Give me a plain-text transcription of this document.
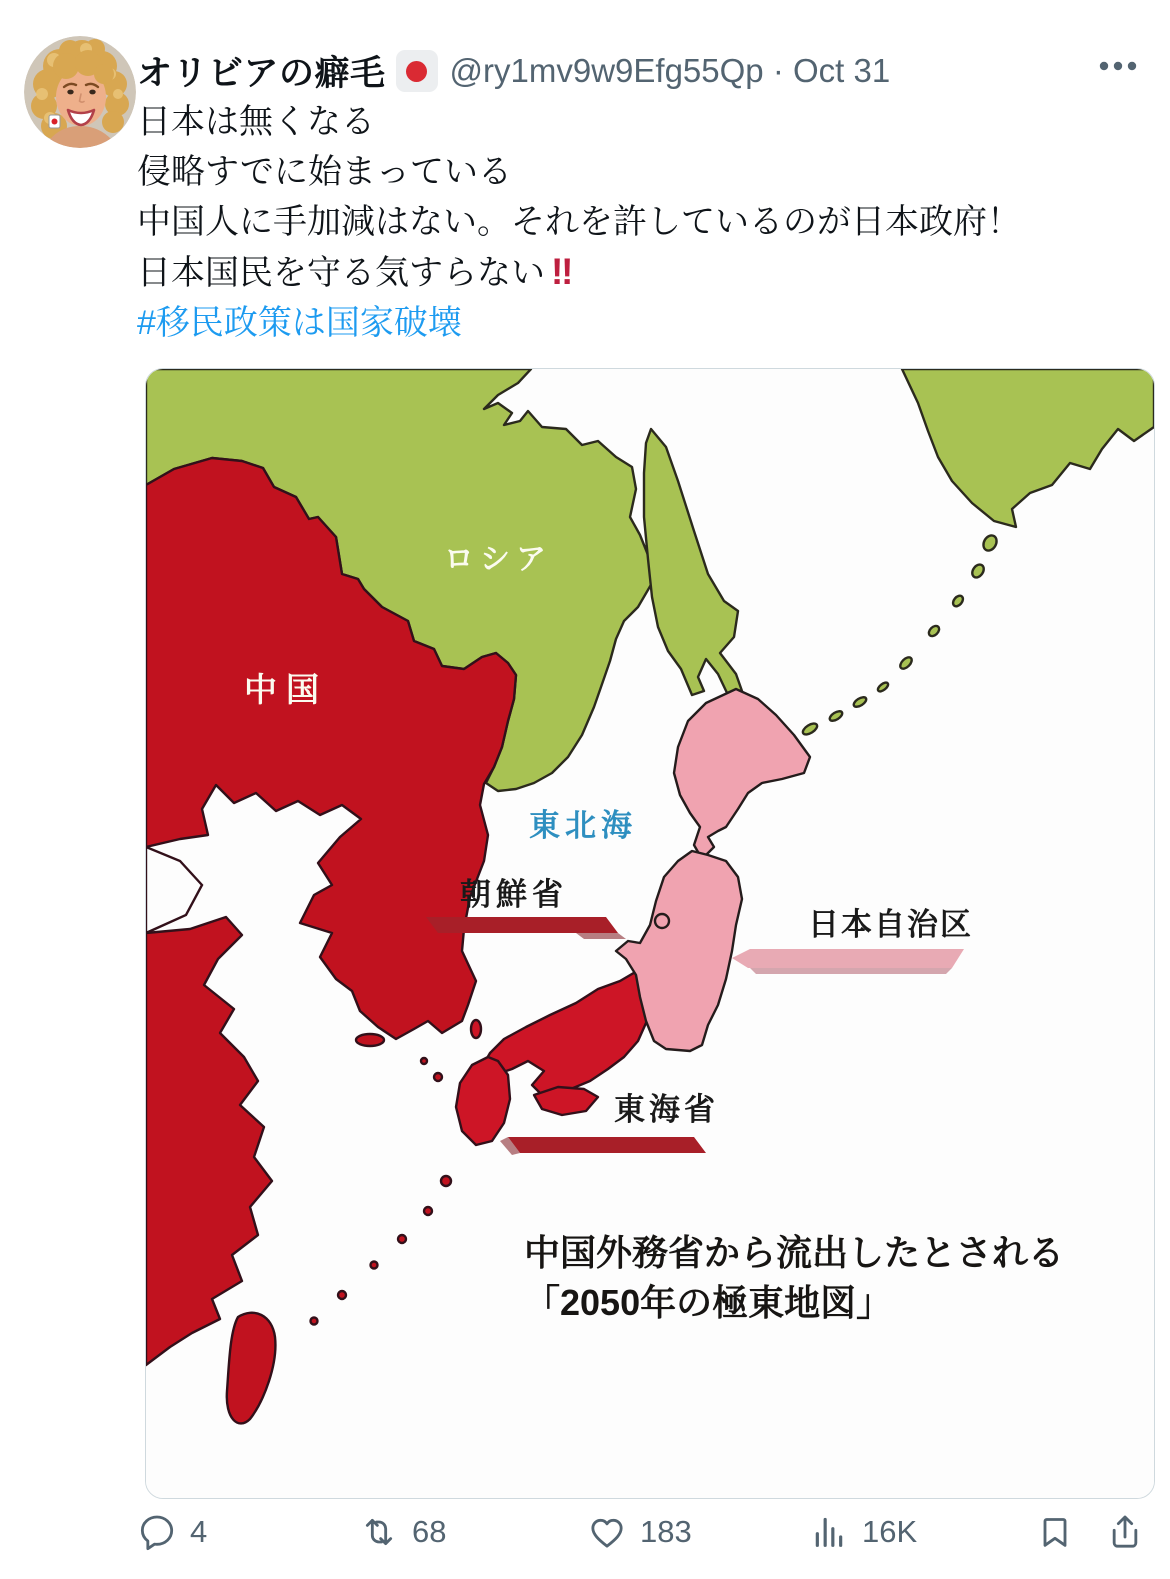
オリビアの癖毛 @ry1mv9w9Efg55Qp · Oct 31
日本は無くなる
侵略すでに始まっている
中国人に手加減はない。それを許しているのが日本政府！
日本国民を守る気すらない ‼
#移民政策は国家破壊
ロシア
中国
東北海
朝鮮省
日本自治区
東海省
中国外務省から流出したとされる
「2050年の極東地図」
4	68	183	16K
